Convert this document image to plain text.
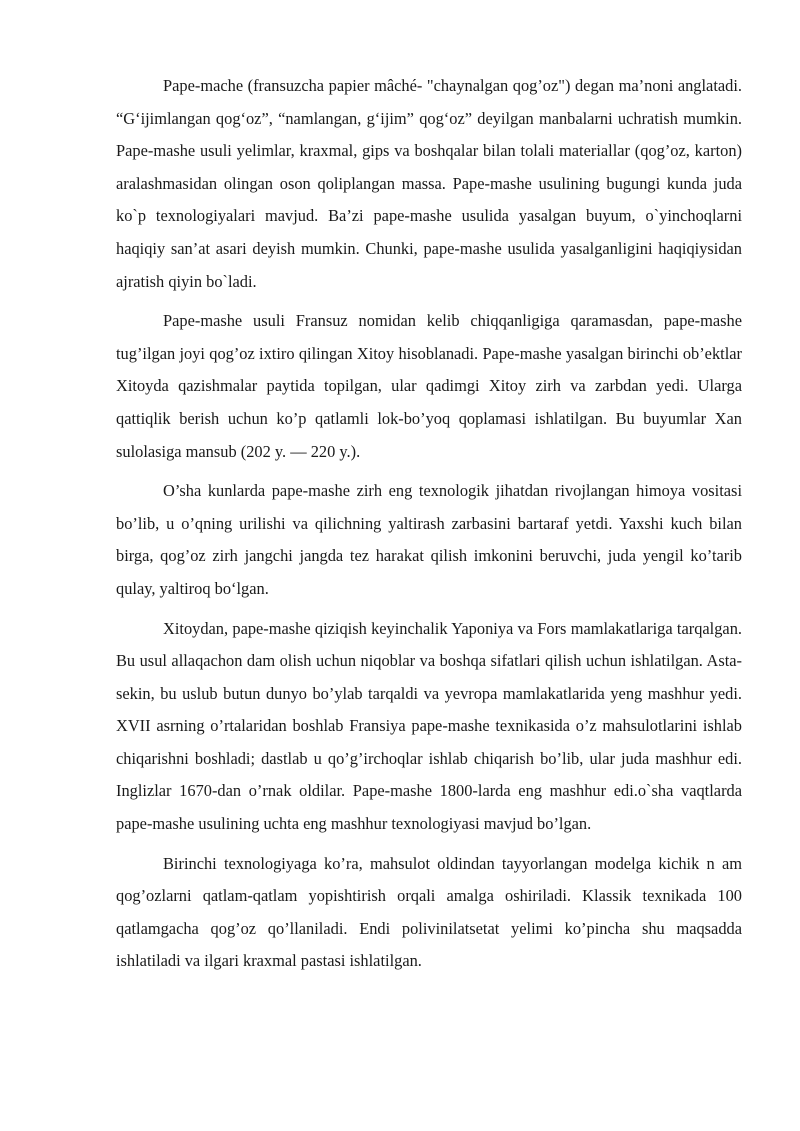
Pape-mache (fransuzcha papier mâché- "chaynalgan qog’oz") degan ma’noni anglatadi. “G‘ijimlangan qog‘oz”, “namlangan, g‘ijim” qog‘oz” deyilgan manbalarni uchratish mumkin. Pape-mashe usuli yelimlar, kraxmal, gips va boshqalar bilan tolali materiallar (qog’oz, karton) aralashmasidan olingan oson qoliplangan massa. Pape-mashe usulining bugungi kunda juda ko`p texnologiyalari mavjud. Ba’zi pape-mashe usulida yasalgan buyum, o`yinchoqlarni haqiqiy san’at asari deyish mumkin. Chunki, pape-mashe usulida yasalganligini haqiqiysidan ajratish qiyin bo`ladi.

Pape-mashe usuli Fransuz nomidan kelib chiqqanligiga qaramasdan, pape-mashe tug’ilgan joyi qog’oz ixtiro qilingan Xitoy hisoblanadi. Pape-mashe yasalgan birinchi ob’ektlar Xitoyda qazishmalar paytida topilgan, ular qadimgi Xitoy zirh va zarbdan yedi. Ularga qattiqlik berish uchun ko’p qatlamli lok-bo’yoq qoplamasi ishlatilgan. Bu buyumlar Xan sulolasiga mansub (202 y. — 220 y.).

O’sha kunlarda pape-mashe zirh eng texnologik jihatdan rivojlangan himoya vositasi bo’lib, u o’qning urilishi va qilichning yaltirash zarbasini bartaraf yetdi. Yaxshi kuch bilan birga, qog’oz zirh jangchi jangda tez harakat qilish imkonini beruvchi, juda yengil ko’tarib qulay, yaltiroq bo‘lgan.

Xitoydan, pape-mashe qiziqish keyinchalik Yaponiya va Fors mamlakatlariga tarqalgan. Bu usul allaqachon dam olish uchun niqoblar va boshqa sifatlari qilish uchun ishlatilgan. Asta-sekin, bu uslub butun dunyo bo’ylab tarqaldi va yevropa mamlakatlarida yeng mashhur yedi. XVII asrning o’rtalaridan boshlab Fransiya pape-mashe texnikasida o’z mahsulotlarini ishlab chiqarishni boshladi; dastlab u qo’g’irchoqlar ishlab chiqarish bo’lib, ular juda mashhur edi. Inglizlar 1670-dan o’rnak oldilar. Pape-mashe 1800-larda eng mashhur edi.o`sha vaqtlarda pape-mashe usulining uchta eng mashhur texnologiyasi mavjud bo’lgan.

Birinchi texnologiyaga ko’ra, mahsulot oldindan tayyorlangan modelga kichik n am qog’ozlarni qatlam-qatlam yopishtirish orqali amalga oshiriladi. Klassik texnikada 100 qatlamgacha qog’oz qo’llaniladi. Endi polivinilatsetat yelimi ko’pincha shu maqsadda ishlatiladi va ilgari kraxmal pastasi ishlatilgan.
